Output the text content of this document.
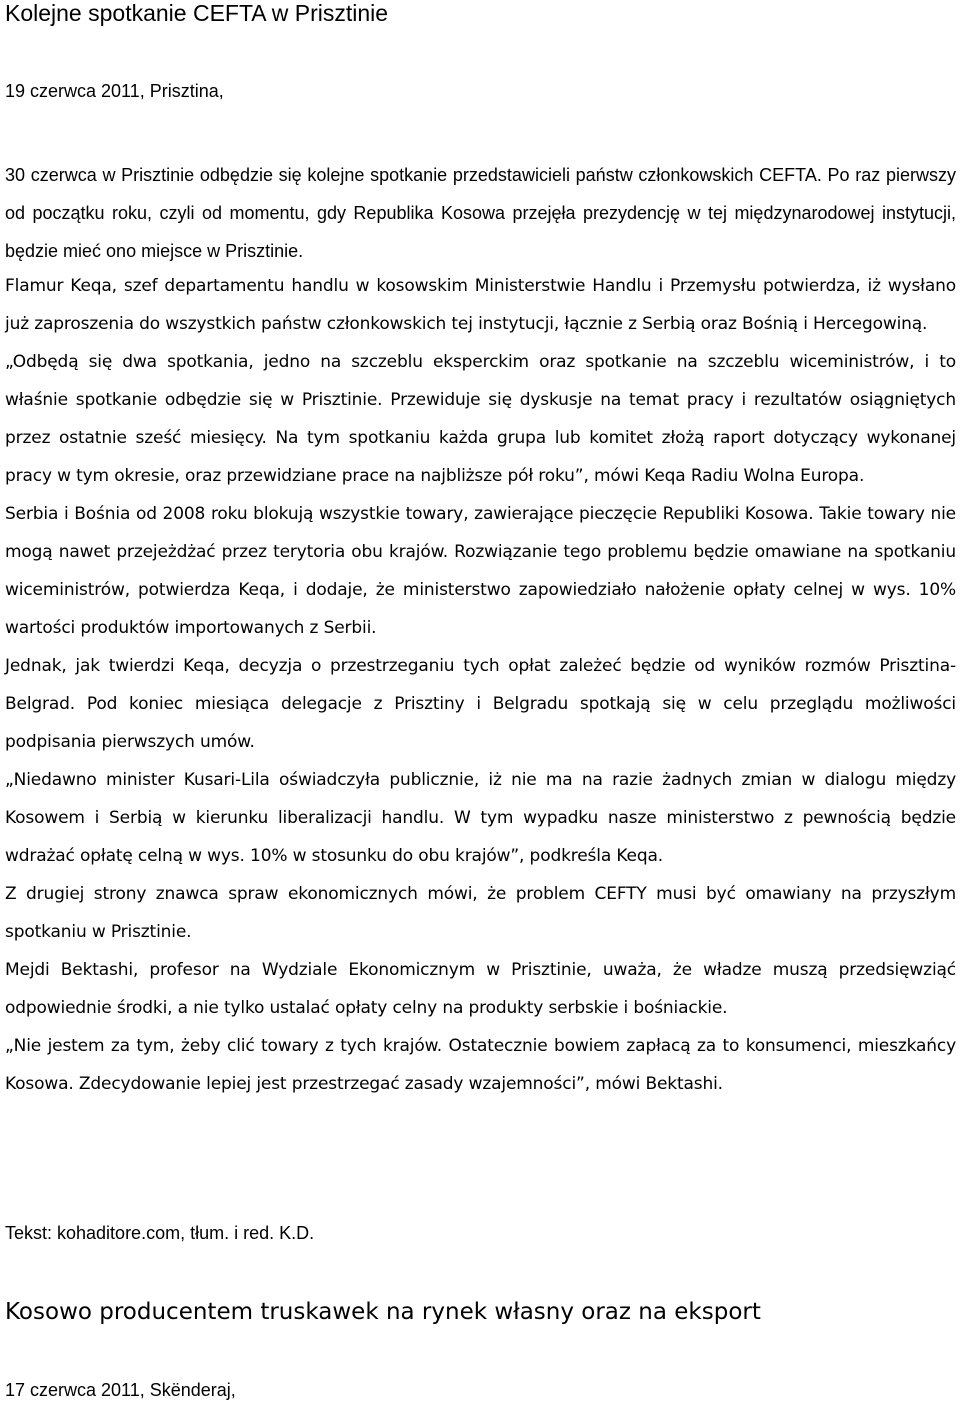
Kolejne spotkanie CEFTA w Prisztinie

19 czerwca 2011, Prisztina,

30 czerwca w Prisztinie odbędzie się kolejne spotkanie przedstawicieli państw członkowskich CEFTA. Po raz pierwszy od początku roku, czyli od momentu, gdy Republika Kosowa przejęła prezydencję w tej międzynarodowej instytucji, będzie mieć ono miejsce w Prisztinie.

Flamur Keqa, szef departamentu handlu w kosowskim Ministerstwie Handlu i Przemysłu potwierdza, iż wysłano już zaproszenia do wszystkich państw członkowskich tej instytucji, łącznie z Serbią oraz Bośnią i Hercegowiną.

„Odbędą się dwa spotkania, jedno na szczeblu eksperckim oraz spotkanie na szczeblu wiceministrów, i to właśnie spotkanie odbędzie się w Prisztinie. Przewiduje się dyskusje na temat pracy i rezultatów osiągniętych przez ostatnie sześć miesięcy. Na tym spotkaniu każda grupa lub komitet złożą raport dotyczący wykonanej pracy w tym okresie, oraz przewidziane prace na najbliższe pół roku”, mówi Keqa Radiu Wolna Europa.

Serbia i Bośnia od 2008 roku blokują wszystkie towary, zawierające pieczęcie Republiki Kosowa. Takie towary nie mogą nawet przejeżdżać przez terytoria obu krajów. Rozwiązanie tego problemu będzie omawiane na spotkaniu wiceministrów, potwierdza Keqa, i dodaje, że ministerstwo zapowiedziało nałożenie opłaty celnej w wys. 10% wartości produktów importowanych z Serbii.

Jednak, jak twierdzi Keqa, decyzja o przestrzeganiu tych opłat zależeć będzie od wyników rozmów Prisztina-Belgrad. Pod koniec miesiąca delegacje z Prisztiny i Belgradu spotkają się w celu przeglądu możliwości podpisania pierwszych umów.

„Niedawno minister Kusari-Lila oświadczyła publicznie, iż nie ma na razie żadnych zmian w dialogu między Kosowem i Serbią w kierunku liberalizacji handlu. W tym wypadku nasze ministerstwo z pewnością będzie wdrażać opłatę celną w wys. 10% w stosunku do obu krajów”, podkreśla Keqa.

Z drugiej strony znawca spraw ekonomicznych mówi, że problem CEFTY musi być omawiany na przyszłym spotkaniu w Prisztinie.

Mejdi Bektashi, profesor na Wydziale Ekonomicznym w Prisztinie, uważa, że władze muszą przedsięwziąć odpowiednie środki, a nie tylko ustalać opłaty celny na produkty serbskie i bośniackie.

„Nie jestem za tym, żeby clić towary z tych krajów. Ostatecznie bowiem zapłacą za to konsumenci, mieszkańcy Kosowa. Zdecydowanie lepiej jest przestrzegać zasady wzajemności”, mówi Bektashi.

Tekst: kohaditore.com, tłum. i red. K.D.

Kosowo producentem truskawek na rynek własny oraz na eksport

17 czerwca 2011, Skënderaj,
